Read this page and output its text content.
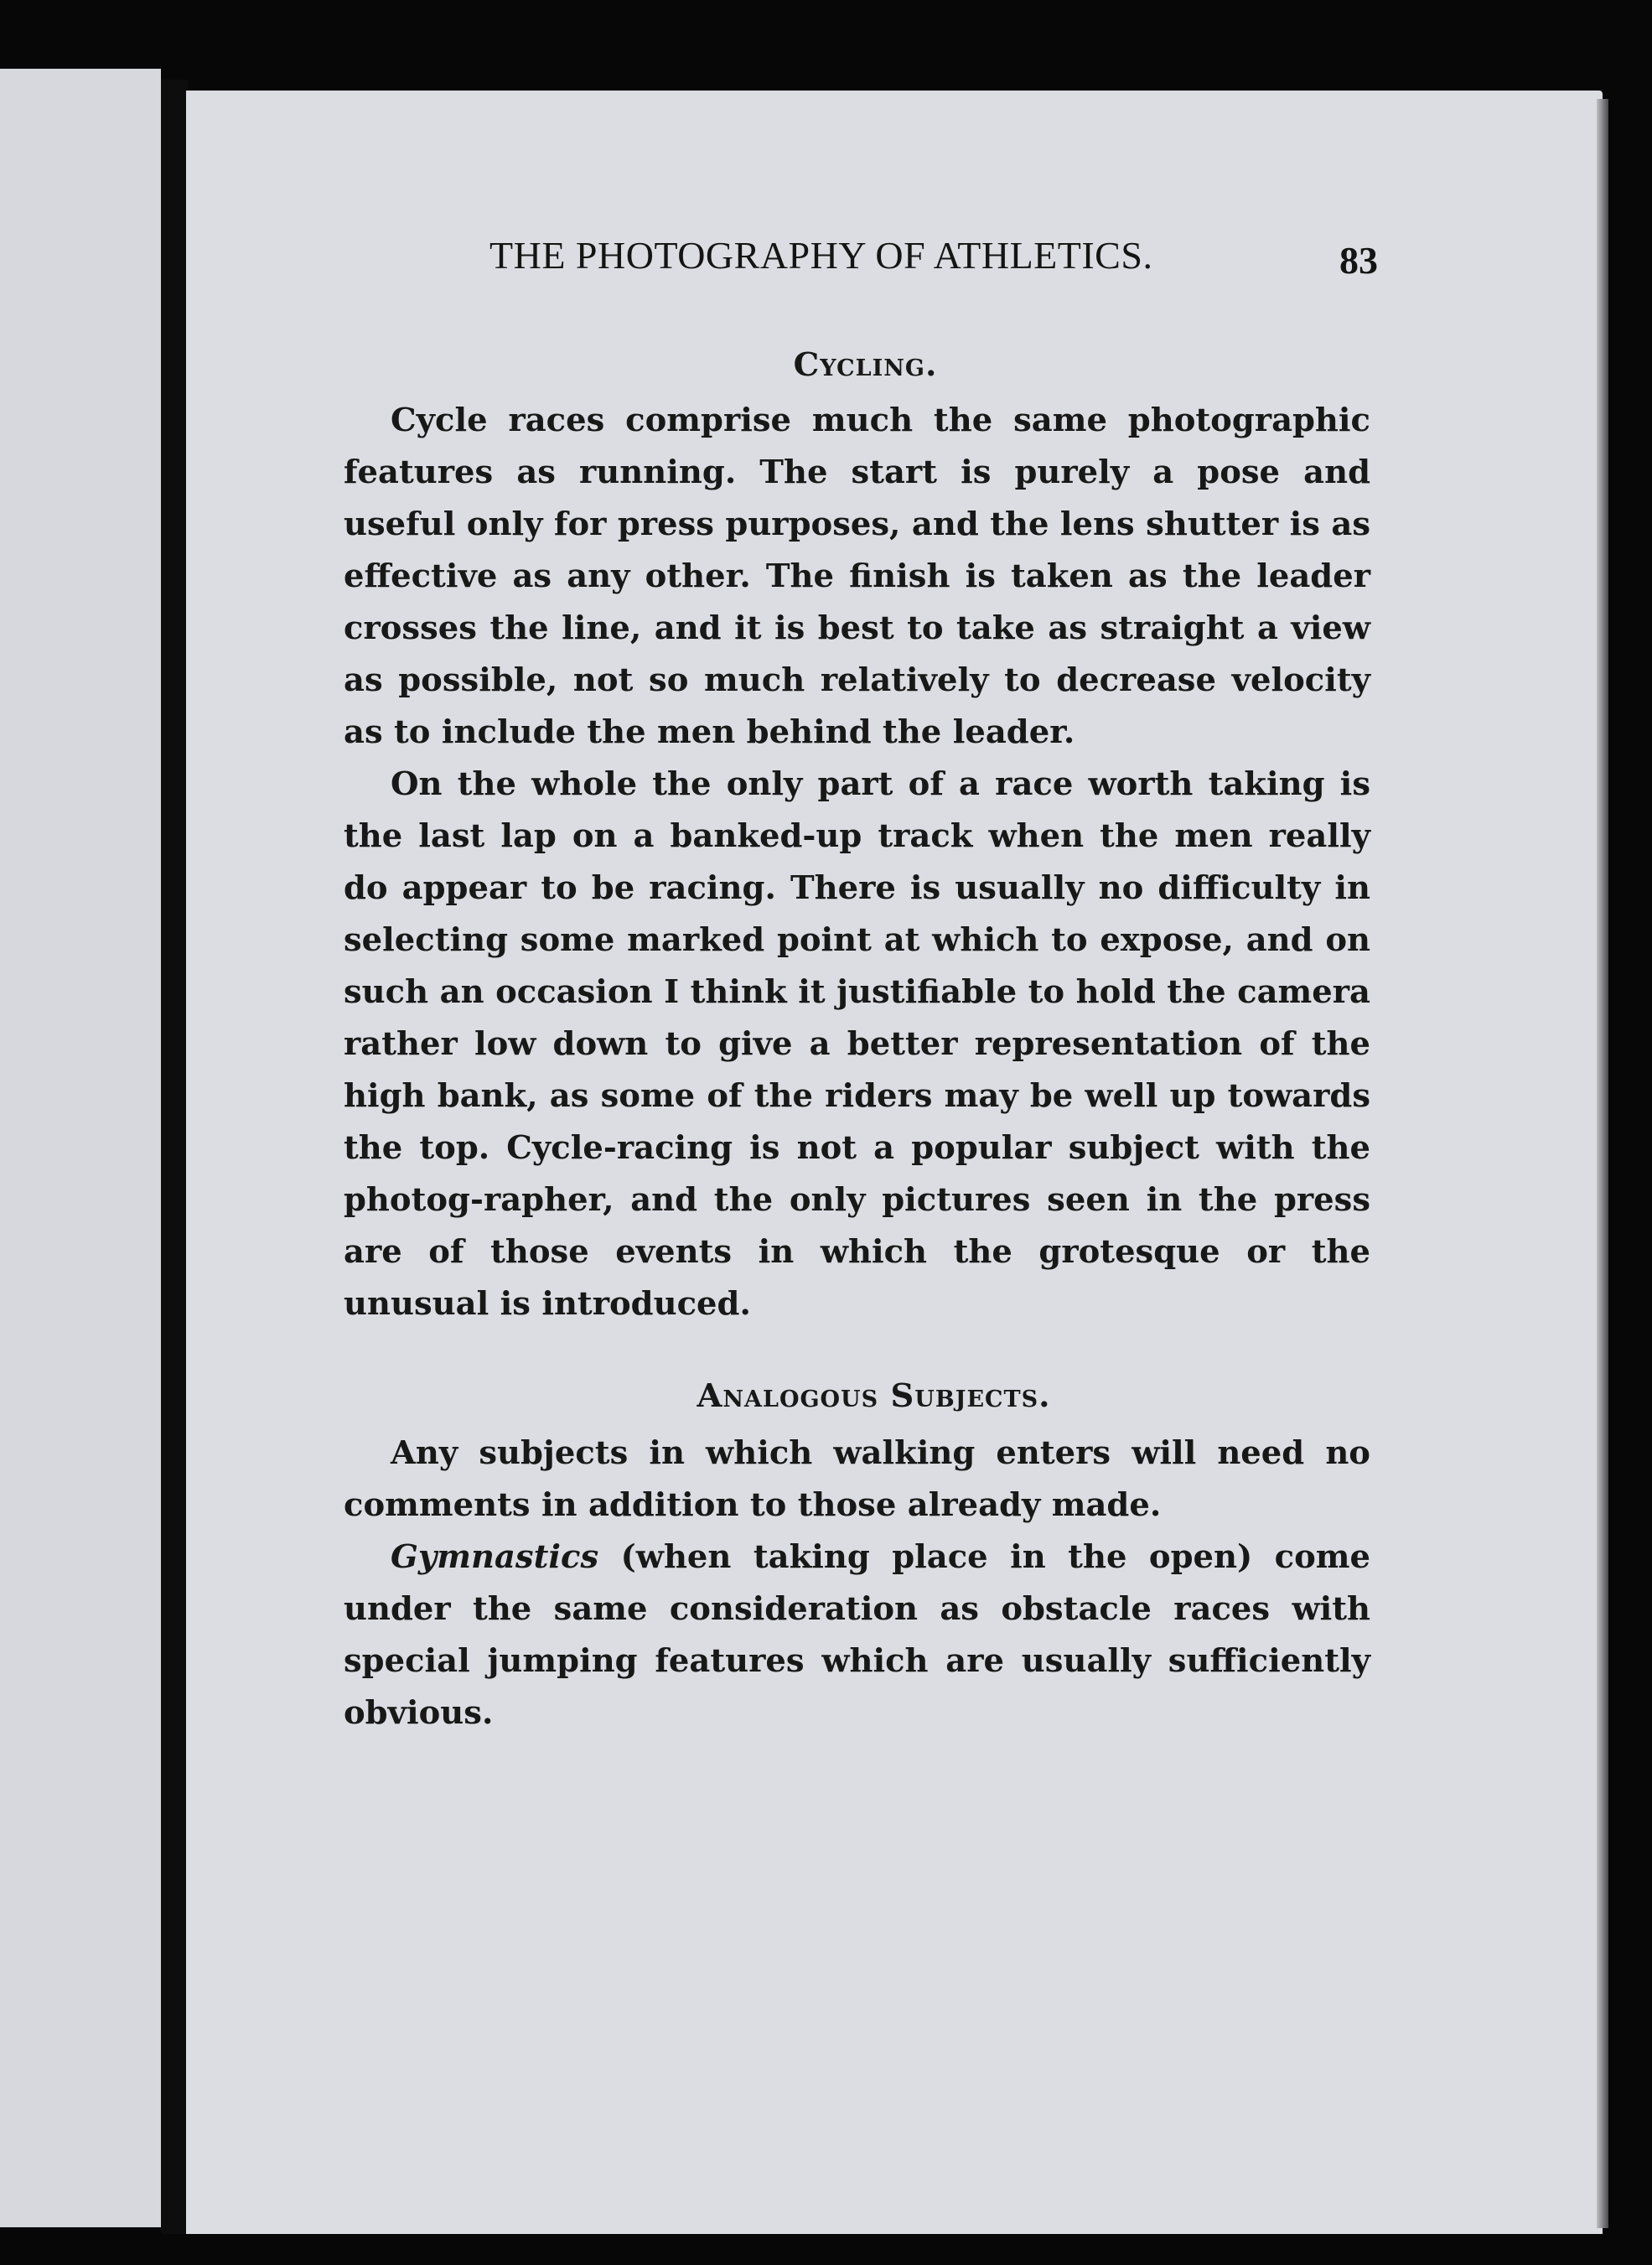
THE PHOTOGRAPHY OF ATHLETICS.	83

Cycling.

Cycle races comprise much the same photographic features as running. The start is purely a pose and useful only for press purposes, and the lens shutter is as effective as any other. The finish is taken as the leader crosses the line, and it is best to take as straight a view as possible, not so much relatively to decrease velocity as to include the men behind the leader.

On the whole the only part of a race worth taking is the last lap on a banked-up track when the men really do appear to be racing. There is usually no difficulty in selecting some marked point at which to expose, and on such an occasion I think it justifiable to hold the camera rather low down to give a better representation of the high bank, as some of the riders may be well up towards the top. Cycle-racing is not a popular subject with the photog-rapher, and the only pictures seen in the press are of those events in which the grotesque or the unusual is introduced.

Analogous Subjects.

Any subjects in which walking enters will need no comments in addition to those already made.

Gymnastics (when taking place in the open) come under the same consideration as obstacle races with special jumping features which are usually sufficiently obvious.
